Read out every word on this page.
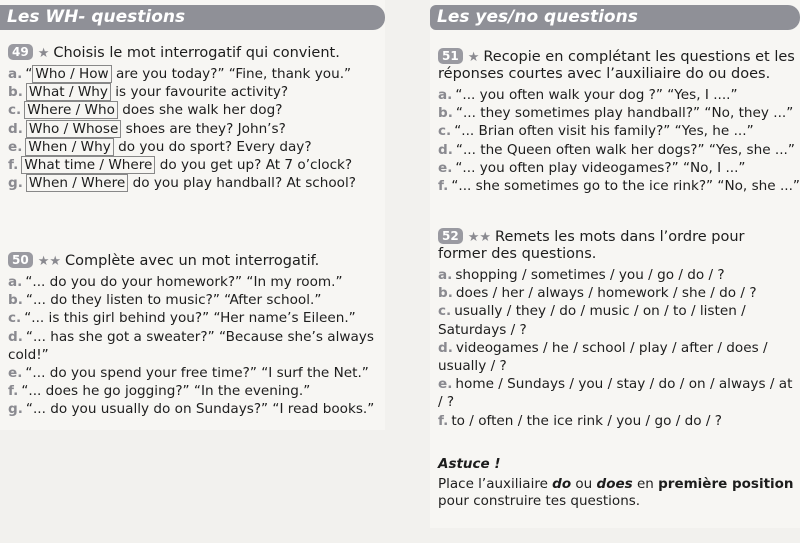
Les WH- questions
49 ★ Choisis le mot interrogatif qui convient.
a. “ Who / How are you today?” “Fine, thank you.”
b. What / Why is your favourite activity?
c. Where / Who does she walk her dog?
d. Who / Whose shoes are they? John’s?
e. When / Why do you do sport? Every day?
f. What time / Where do you get up? At 7 o’clock?
g. When / Where do you play handball? At school?
50 ★★ Complète avec un mot interrogatif.
a. “... do you do your homework?” “In my room.”
b. “... do they listen to music?” “After school.”
c. “... is this girl behind you?” “Her name’s Eileen.”
d. “... has she got a sweater?” “Because she’s always cold!”
e. “... do you spend your free time?” “I surf the Net.”
f. “... does he go jogging?” “In the evening.”
g. “... do you usually do on Sundays?” “I read books.”
Les yes/no questions
51 ★ Recopie en complétant les questions et les réponses courtes avec l’auxiliaire do ou does.
a. “... you often walk your dog ?” “Yes, I ....”
b. “... they sometimes play handball?” “No, they ...”
c. “... Brian often visit his family?” “Yes, he ...”
d. “... the Queen often walk her dogs?” “Yes, she ...”
e. “... you often play videogames?” “No, I ...”
f. “... she sometimes go to the ice rink?” “No, she ...”
52 ★★ Remets les mots dans l’ordre pour former des questions.
a. shopping / sometimes / you / go / do / ?
b. does / her / always / homework / she / do / ?
c. usually / they / do / music / on / to / listen / Saturdays / ?
d. videogames / he / school / play / after / does / usually / ?
e. home / Sundays / you / stay / do / on / always / at / ?
f. to / often / the ice rink / you / go / do / ?
Astuce !
Place l’auxiliaire do ou does en première position pour construire tes questions.
